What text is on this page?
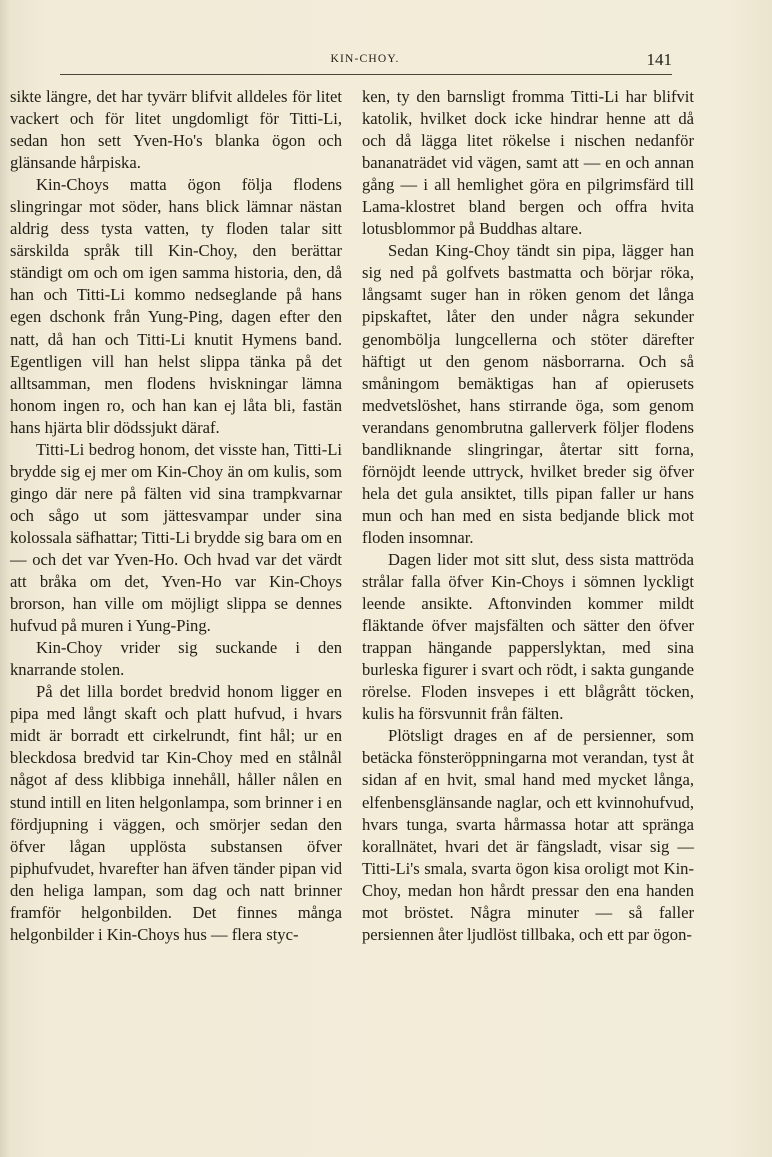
KIN-CHOY.	141

sikte längre, det har tyvärr blifvit alldeles för litet vackert och för litet ungdomligt för Titti-Li, sedan hon sett Yven-Ho's blanka ögon och glänsande hårpiska.

Kin-Choys matta ögon följa flodens slingringar mot söder, hans blick lämnar nästan aldrig dess tysta vatten, ty floden talar sitt särskilda språk till Kin-Choy, den berättar ständigt om och om igen samma historia, den, då han och Titti-Li kommo nedseglande på hans egen dschonk från Yung-Ping, dagen efter den natt, då han och Titti-Li knutit Hymens band. Egentligen vill han helst slippa tänka på det alltsamman, men flodens hviskningar lämna honom ingen ro, och han kan ej låta bli, fastän hans hjärta blir dödssjukt däraf.

Titti-Li bedrog honom, det visste han, Titti-Li brydde sig ej mer om Kin-Choy än om kulis, som gingo där nere på fälten vid sina trampkvarnar och sågo ut som jättesvampar under sina kolossala säfhattar; Titti-Li brydde sig bara om en — och det var Yven-Ho. Och hvad var det värdt att bråka om det, Yven-Ho var Kin-Choys brorson, han ville om möjligt slippa se dennes hufvud på muren i Yung-Ping.

Kin-Choy vrider sig suckande i den knarrande stolen.

På det lilla bordet bredvid honom ligger en pipa med långt skaft och platt hufvud, i hvars midt är borradt ett cirkelrundt, fint hål; ur en bleckdosa bredvid tar Kin-Choy med en stålnål något af dess klibbiga innehåll, håller nålen en stund intill en liten helgonlampa, som brinner i en fördjupning i väggen, och smörjer sedan den öfver lågan upplösta substansen öfver piphufvudet, hvarefter han äfven tänder pipan vid den heliga lampan, som dag och natt brinner framför helgonbilden. Det finnes många helgonbilder i Kin-Choys hus — flera styc-

ken, ty den barnsligt fromma Titti-Li har blifvit katolik, hvilket dock icke hindrar henne att då och då lägga litet rökelse i nischen nedanför bananaträdet vid vägen, samt att — en och annan gång — i all hemlighet göra en pilgrimsfärd till Lama-klostret bland bergen och offra hvita lotusblommor på Buddhas altare.

Sedan King-Choy tändt sin pipa, lägger han sig ned på golfvets bastmatta och börjar röka, långsamt suger han in röken genom det långa pipskaftet, låter den under några sekunder genombölja lungcellerna och stöter därefter häftigt ut den genom näsborrarna. Och så småningom bemäktigas han af opierusets medvetslöshet, hans stirrande öga, som genom verandans genombrutna gallerverk följer flodens bandliknande slingringar, återtar sitt forna, förnöjdt leende uttryck, hvilket breder sig öfver hela det gula ansiktet, tills pipan faller ur hans mun och han med en sista bedjande blick mot floden insomnar.

Dagen lider mot sitt slut, dess sista mattröda strålar falla öfver Kin-Choys i sömnen lyckligt leende ansikte. Aftonvinden kommer mildt fläktande öfver majsfälten och sätter den öfver trappan hängande papperslyktan, med sina burleska figurer i svart och rödt, i sakta gungande rörelse. Floden insvepes i ett blågrått töcken, kulis ha försvunnit från fälten.

Plötsligt drages en af de persienner, som betäcka fönsteröppningarna mot verandan, tyst åt sidan af en hvit, smal hand med mycket långa, elfenbensglänsande naglar, och ett kvinnohufvud, hvars tunga, svarta hårmassa hotar att spränga korallnätet, hvari det är fängsladt, visar sig — Titti-Li's smala, svarta ögon kisa oroligt mot Kin-Choy, medan hon hårdt pressar den ena handen mot bröstet. Några minuter — så faller persiennen åter ljudlöst tillbaka, och ett par ögon-
